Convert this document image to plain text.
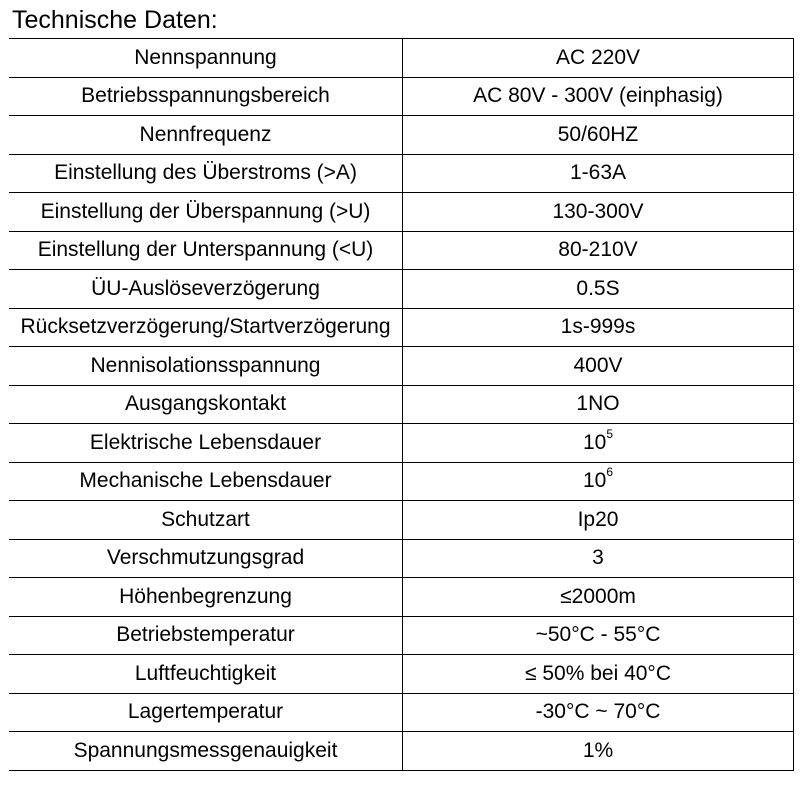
Technische Daten:
Nennspannung	AC 220V
Betriebsspannungsbereich	AC 80V - 300V (einphasig)
Nennfrequenz	50/60HZ
Einstellung des Überstroms (>A)	1-63A
Einstellung der Überspannung (>U)	130-300V
Einstellung der Unterspannung (<U)	80-210V
ÜU-Auslöseverzögerung	0.5S
Rücksetzverzögerung/Startverzögerung	1s-999s
Nennisolationsspannung	400V
Ausgangskontakt	1NO
Elektrische Lebensdauer	$10^5$
Mechanische Lebensdauer	$10^6$
Schutzart	Ip20
Verschmutzungsgrad	3
Höhenbegrenzung	≤2000m
Betriebstemperatur	~50°C - 55°C
Luftfeuchtigkeit	≤ 50% bei 40°C
Lagertemperatur	-30°C ~ 70°C
Spannungsmessgenauigkeit	1%
